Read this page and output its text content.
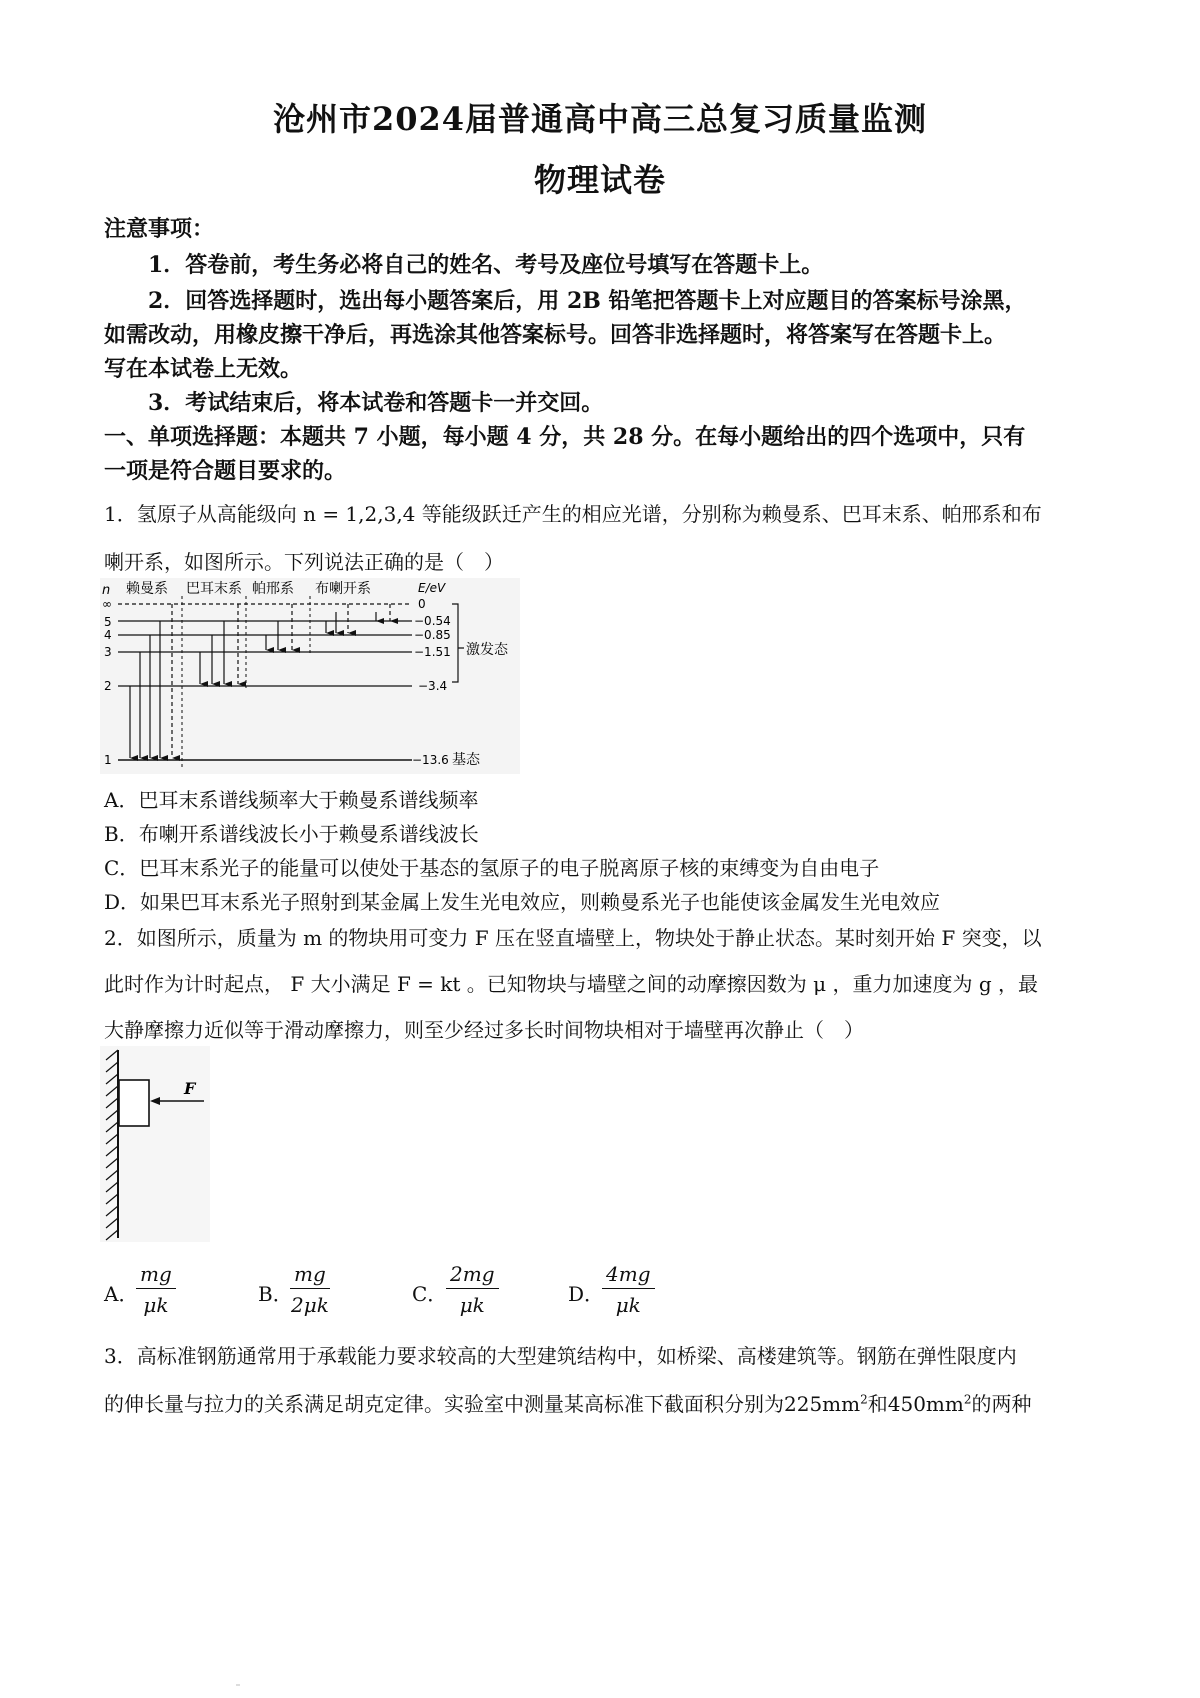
沧州市2024届普通高中高三总复习质量监测
物理试卷
注意事项：
1．答卷前，考生务必将自己的姓名、考号及座位号填写在答题卡上。
2．回答选择题时，选出每小题答案后，用 2B 铅笔把答题卡上对应题目的答案标号涂黑，
如需改动，用橡皮擦干净后，再选涂其他答案标号。回答非选择题时，将答案写在答题卡上。
写在本试卷上无效。
3．考试结束后，将本试卷和答题卡一并交回。
一、单项选择题：本题共 7 小题，每小题 4 分，共 28 分。在每小题给出的四个选项中，只有
一项是符合题目要求的。
1．氢原子从高能级向 n = 1,2,3,4 等能级跃迁产生的相应光谱，分别称为赖曼系、巴耳末系、帕邢系和布
喇开系，如图所示。下列说法正确的是（　）
n 赖曼系 巴耳末系 帕邢系 布喇开系	E/eV
∞
5
4
3
2
1
0
−0.54
−0.85
−1.51
−3.4
−13.6 基态
激发态
A．巴耳末系谱线频率大于赖曼系谱线频率
B．布喇开系谱线波长小于赖曼系谱线波长
C．巴耳末系光子的能量可以使处于基态的氢原子的电子脱离原子核的束缚变为自由电子
D．如果巴耳末系光子照射到某金属上发生光电效应，则赖曼系光子也能使该金属发生光电效应
2．如图所示，质量为 m 的物块用可变力 F 压在竖直墙壁上，物块处于静止状态。某时刻开始 F 突变，以
此时作为计时起点， F 大小满足 F = kt 。已知物块与墙壁之间的动摩擦因数为 μ ，重力加速度为 g ，最
大静摩擦力近似等于滑动摩擦力，则至少经过多长时间物块相对于墙壁再次静止（　）
F
A．
$\frac{mg}{\mu k}$	B．
$\frac{mg}{2\mu k}$	C．
$\frac{2mg}{\mu k}$	D．
$\frac{4mg}{\mu k}$
3．高标准钢筋通常用于承载能力要求较高的大型建筑结构中，如桥梁、高楼建筑等。钢筋在弹性限度内
的伸长量与拉力的关系满足胡克定律。实验室中测量某高标准下截面积分别为$225mm^2$和$450mm^2$的两种
